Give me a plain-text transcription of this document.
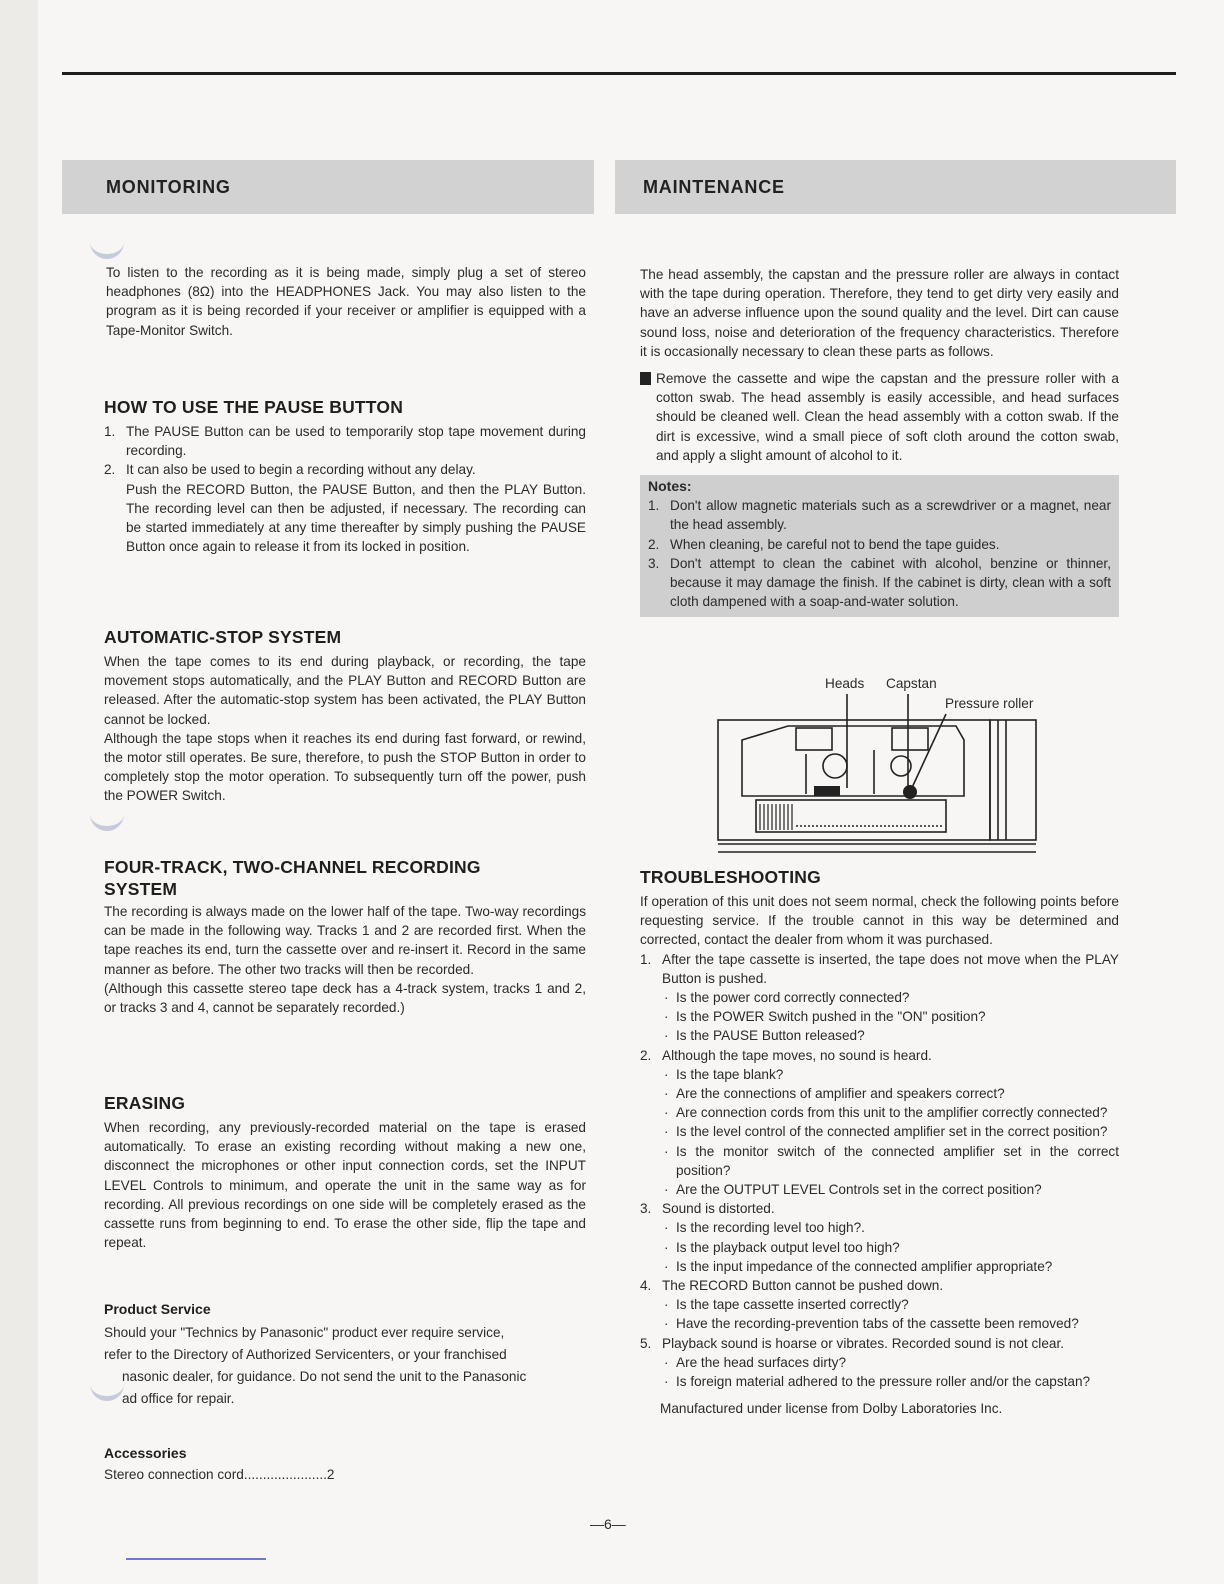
MONITORING	MAINTENANCE

To listen to the recording as it is being made, simply plug a set of stereo headphones (8Ω) into the HEADPHONES Jack. You may also listen to the program as it is being recorded if your receiver or amplifier is equipped with a Tape-Monitor Switch.

HOW TO USE THE PAUSE BUTTON
1. The PAUSE Button can be used to temporarily stop tape movement during recording.
2. It can also be used to begin a recording without any delay.
Push the RECORD Button, the PAUSE Button, and then the PLAY Button. The recording level can then be adjusted, if necessary. The recording can be started immediately at any time thereafter by simply pushing the PAUSE Button once again to release it from its locked in position.
AUTOMATIC-STOP SYSTEM

When the tape comes to its end during playback, or recording, the tape movement stops automatically, and the PLAY Button and RECORD Button are released. After the automatic-stop system has been activated, the PLAY Button cannot be locked.

Although the tape stops when it reaches its end during fast forward, or rewind, the motor still operates. Be sure, therefore, to push the STOP Button in order to completely stop the motor operation. To subsequently turn off the power, push the POWER Switch.

FOUR-TRACK, TWO-CHANNEL RECORDING
SYSTEM

The recording is always made on the lower half of the tape. Two-way recordings can be made in the following way. Tracks 1 and 2 are recorded first. When the tape reaches its end, turn the cassette over and re-insert it. Record in the same manner as before. The other two tracks will then be recorded.

(Although this cassette stereo tape deck has a 4-track system, tracks 1 and 2, or tracks 3 and 4, cannot be separately recorded.)

ERASING

When recording, any previously-recorded material on the tape is erased automatically. To erase an existing recording without making a new one, disconnect the microphones or other input connection cords, set the INPUT LEVEL Controls to minimum, and operate the unit in the same way as for recording. All previous recordings on one side will be completely erased as the cassette runs from beginning to end. To erase the other side, flip the tape and repeat.

Product Service
Should your "Technics by Panasonic" product ever require service,
refer to the Directory of Authorized Servicenters, or your franchised
nasonic dealer, for guidance. Do not send the unit to the Panasonic
ad office for repair.
Accessories
Stereo connection cord......................2

The head assembly, the capstan and the pressure roller are always in contact with the tape during operation. Therefore, they tend to get dirty very easily and have an adverse influence upon the sound quality and the level. Dirt can cause sound loss, noise and deterioration of the frequency characteristics. Therefore it is occasionally necessary to clean these parts as follows.

Remove the cassette and wipe the capstan and the pressure roller with a cotton swab. The head assembly is easily accessible, and head surfaces should be cleaned well. Clean the head assembly with a cotton swab. If the dirt is excessive, wind a small piece of soft cloth around the cotton swab, and apply a slight amount of alcohol to it.
Notes:
1. Don't allow magnetic materials such as a screwdriver or a magnet, near the head assembly.
2. When cleaning, be careful not to bend the tape guides.
3. Don't attempt to clean the cabinet with alcohol, benzine or thinner, because it may damage the finish. If the cabinet is dirty, clean with a soft cloth dampened with a soap-and-water solution.
Heads Capstan
Pressure roller
TROUBLESHOOTING

If operation of this unit does not seem normal, check the following points before requesting service. If the trouble cannot in this way be determined and corrected, contact the dealer from whom it was purchased.

1. After the tape cassette is inserted, the tape does not move when the PLAY Button is pushed.
· Is the power cord correctly connected?
· Is the POWER Switch pushed in the "ON" position?
· Is the PAUSE Button released?
2. Although the tape moves, no sound is heard.
· Is the tape blank?
· Are the connections of amplifier and speakers correct?
· Are connection cords from this unit to the amplifier correctly connected?
· Is the level control of the connected amplifier set in the correct position?
· Is the monitor switch of the connected amplifier set in the correct position?
· Are the OUTPUT LEVEL Controls set in the correct position?
3. Sound is distorted.
· Is the recording level too high?.
· Is the playback output level too high?
· Is the input impedance of the connected amplifier appropriate?
4. The RECORD Button cannot be pushed down.
· Is the tape cassette inserted correctly?
· Have the recording-prevention tabs of the cassette been removed?
5. Playback sound is hoarse or vibrates. Recorded sound is not clear.
· Are the head surfaces dirty?
· Is foreign material adhered to the pressure roller and/or the capstan?
Manufactured under license from Dolby Laboratories Inc.
—6—
